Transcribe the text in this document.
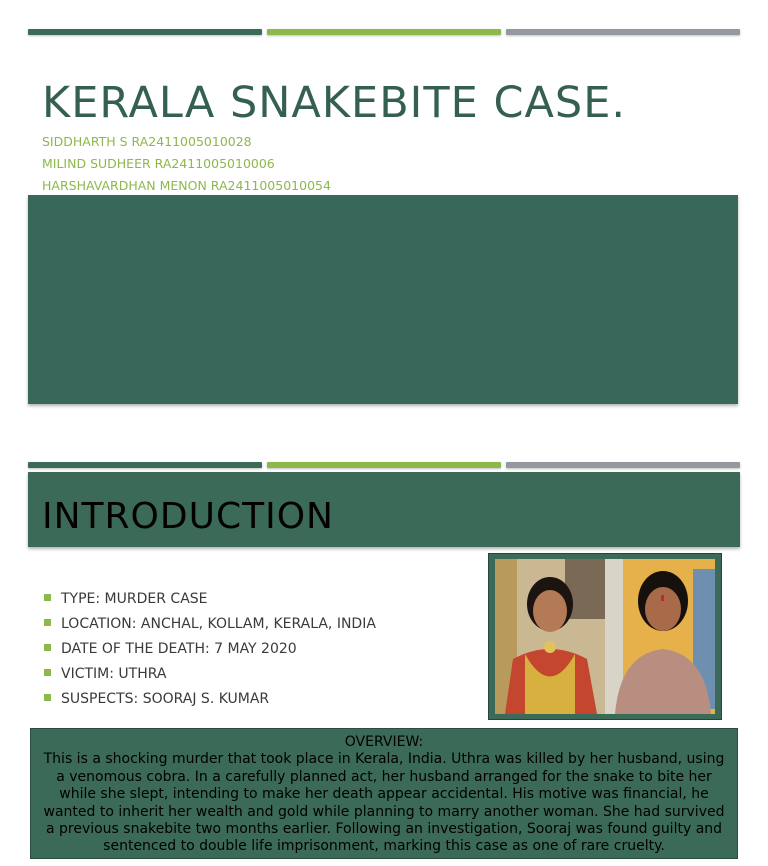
KERALA SNAKEBITE CASE.
SIDDHARTH S RA2411005010028
MILIND SUDHEER RA2411005010006
HARSHAVARDHAN MENON RA2411005010054
INTRODUCTION
TYPE: MURDER CASE
LOCATION: ANCHAL, KOLLAM, KERALA, INDIA
DATE OF THE DEATH: 7 MAY 2020
VICTIM: UTHRA
SUSPECTS: SOORAJ S. KUMAR
OVERVIEW:
This is a shocking murder that took place in Kerala, India. Uthra was killed by her husband, using a venomous cobra. In a carefully planned act, her husband arranged for the snake to bite her while she slept, intending to make her death appear accidental. His motive was financial, he wanted to inherit her wealth and gold while planning to marry another woman. She had survived a previous snakebite two months earlier. Following an investigation, Sooraj was found guilty and sentenced to double life imprisonment, marking this case as one of rare cruelty.
